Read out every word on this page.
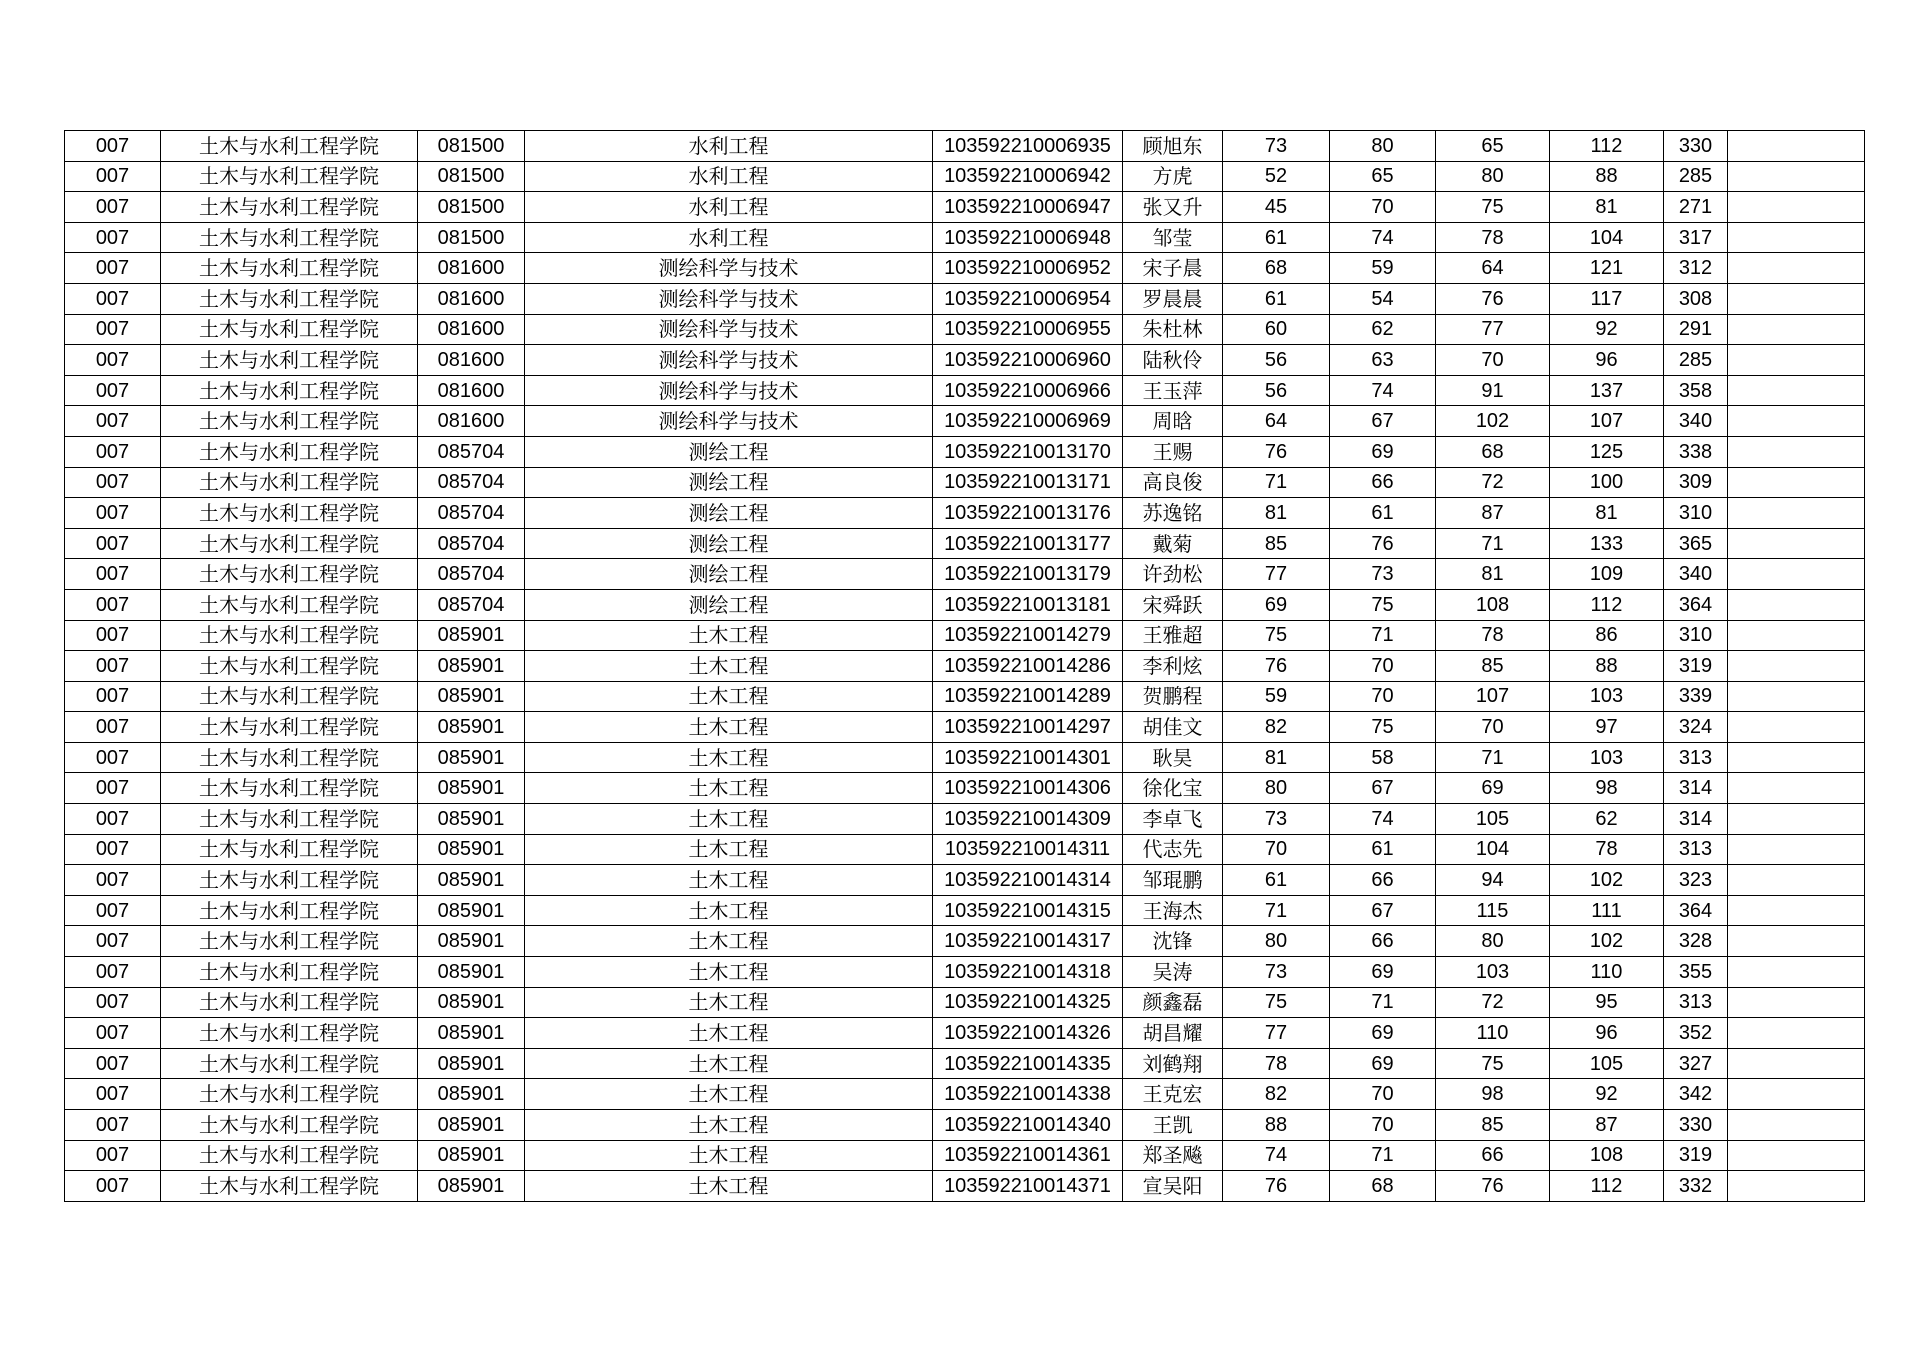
007	土木与水利工程学院	081500	水利工程	103592210006935	顾旭东	73	80	65	112	330	
007	土木与水利工程学院	081500	水利工程	103592210006942	方虎	52	65	80	88	285	
007	土木与水利工程学院	081500	水利工程	103592210006947	张又升	45	70	75	81	271	
007	土木与水利工程学院	081500	水利工程	103592210006948	邹莹	61	74	78	104	317	
007	土木与水利工程学院	081600	测绘科学与技术	103592210006952	宋子晨	68	59	64	121	312	
007	土木与水利工程学院	081600	测绘科学与技术	103592210006954	罗晨晨	61	54	76	117	308	
007	土木与水利工程学院	081600	测绘科学与技术	103592210006955	朱杜林	60	62	77	92	291	
007	土木与水利工程学院	081600	测绘科学与技术	103592210006960	陆秋伶	56	63	70	96	285	
007	土木与水利工程学院	081600	测绘科学与技术	103592210006966	王玉萍	56	74	91	137	358	
007	土木与水利工程学院	081600	测绘科学与技术	103592210006969	周晗	64	67	102	107	340	
007	土木与水利工程学院	085704	测绘工程	103592210013170	王赐	76	69	68	125	338	
007	土木与水利工程学院	085704	测绘工程	103592210013171	高良俊	71	66	72	100	309	
007	土木与水利工程学院	085704	测绘工程	103592210013176	苏逸铭	81	61	87	81	310	
007	土木与水利工程学院	085704	测绘工程	103592210013177	戴菊	85	76	71	133	365	
007	土木与水利工程学院	085704	测绘工程	103592210013179	许劲松	77	73	81	109	340	
007	土木与水利工程学院	085704	测绘工程	103592210013181	宋舜跃	69	75	108	112	364	
007	土木与水利工程学院	085901	土木工程	103592210014279	王雅超	75	71	78	86	310	
007	土木与水利工程学院	085901	土木工程	103592210014286	李利炫	76	70	85	88	319	
007	土木与水利工程学院	085901	土木工程	103592210014289	贺鹏程	59	70	107	103	339	
007	土木与水利工程学院	085901	土木工程	103592210014297	胡佳文	82	75	70	97	324	
007	土木与水利工程学院	085901	土木工程	103592210014301	耿昊	81	58	71	103	313	
007	土木与水利工程学院	085901	土木工程	103592210014306	徐化宝	80	67	69	98	314	
007	土木与水利工程学院	085901	土木工程	103592210014309	李卓飞	73	74	105	62	314	
007	土木与水利工程学院	085901	土木工程	103592210014311	代志先	70	61	104	78	313	
007	土木与水利工程学院	085901	土木工程	103592210014314	邹琨鹏	61	66	94	102	323	
007	土木与水利工程学院	085901	土木工程	103592210014315	王海杰	71	67	115	111	364	
007	土木与水利工程学院	085901	土木工程	103592210014317	沈锋	80	66	80	102	328	
007	土木与水利工程学院	085901	土木工程	103592210014318	吴涛	73	69	103	110	355	
007	土木与水利工程学院	085901	土木工程	103592210014325	颜鑫磊	75	71	72	95	313	
007	土木与水利工程学院	085901	土木工程	103592210014326	胡昌耀	77	69	110	96	352	
007	土木与水利工程学院	085901	土木工程	103592210014335	刘鹤翔	78	69	75	105	327	
007	土木与水利工程学院	085901	土木工程	103592210014338	王克宏	82	70	98	92	342	
007	土木与水利工程学院	085901	土木工程	103592210014340	王凯	88	70	85	87	330	
007	土木与水利工程学院	085901	土木工程	103592210014361	郑圣飚	74	71	66	108	319	
007	土木与水利工程学院	085901	土木工程	103592210014371	宣吴阳	76	68	76	112	332	
